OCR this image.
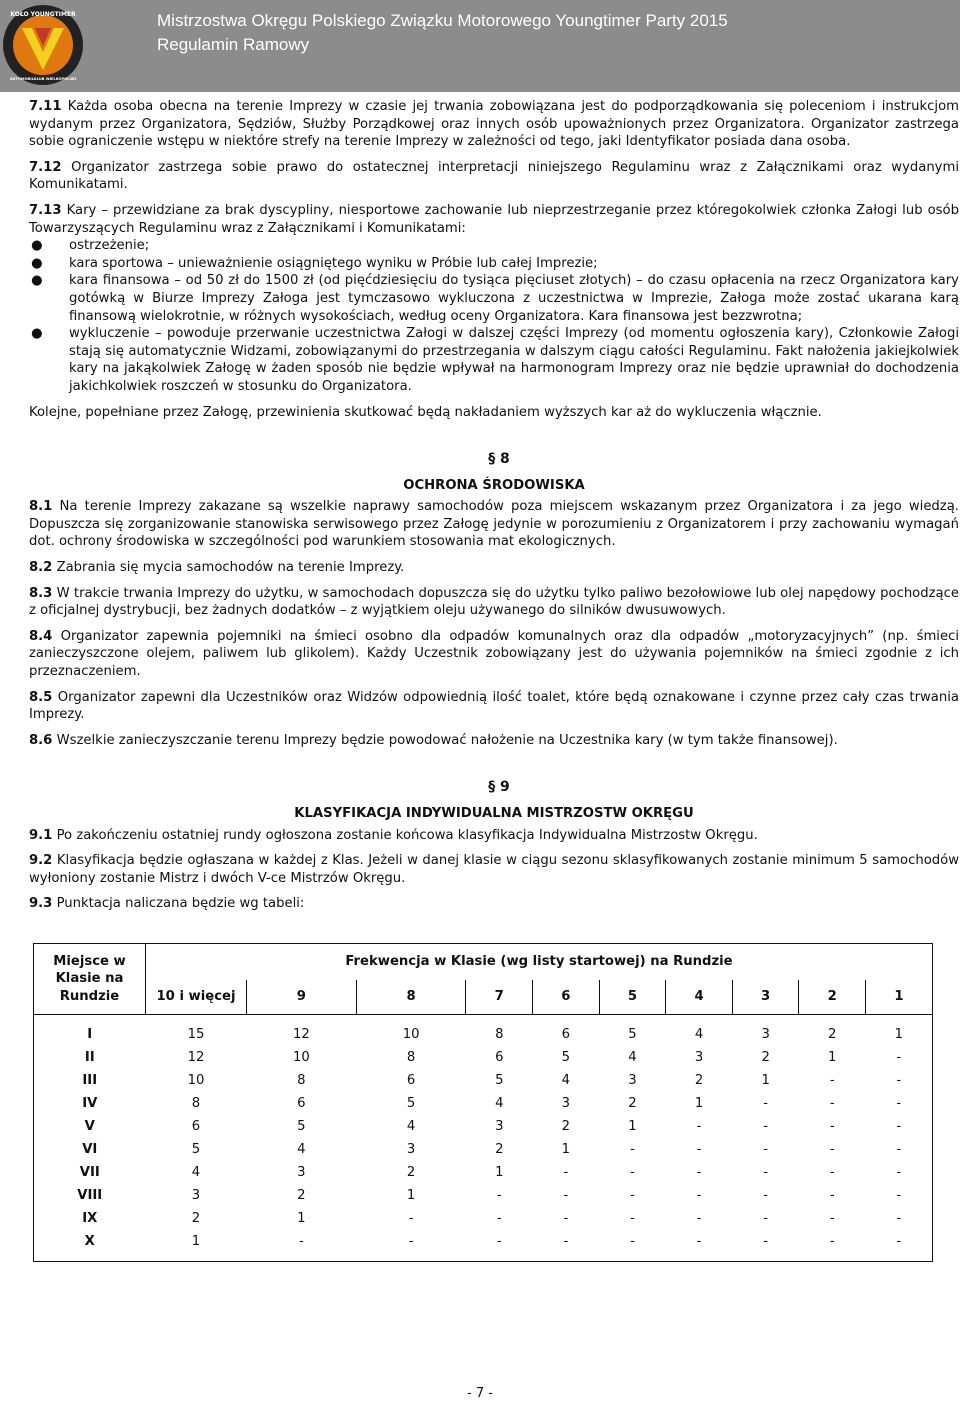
KOŁO YOUNGTIMER
AUTOMOBILKLUB WIELKOPOLSKI
Mistrzostwa Okręgu Polskiego Związku Motorowego Youngtimer Party 2015
Regulamin Ramowy

7.11 Każda osoba obecna na terenie Imprezy w czasie jej trwania zobowiązana jest do podporządkowania się poleceniom i instrukcjom wydanym przez Organizatora, Sędziów, Służby Porządkowej oraz innych osób upoważnionych przez Organizatora. Organizator zastrzega sobie ograniczenie wstępu w niektóre strefy na terenie Imprezy w zależności od tego, jaki Identyfikator posiada dana osoba.

7.12 Organizator zastrzega sobie prawo do ostatecznej interpretacji niniejszego Regulaminu wraz z Załącznikami oraz wydanymi Komunikatami.

7.13 Kary – przewidziane za brak dyscypliny, niesportowe zachowanie lub nieprzestrzeganie przez któregokolwiek członka Załogi lub osób Towarzyszących Regulaminu wraz z Załącznikami i Komunikatami:

● ostrzeżenie;
● kara sportowa – unieważnienie osiągniętego wyniku w Próbie lub całej Imprezie;
● kara finansowa – od 50 zł do 1500 zł (od pięćdziesięciu do tysiąca pięciuset złotych) – do czasu opłacenia na rzecz Organizatora kary gotówką w Biurze Imprezy Załoga jest tymczasowo wykluczona z uczestnictwa w Imprezie, Załoga może zostać ukarana karą finansową wielokrotnie, w różnych wysokościach, według oceny Organizatora. Kara finansowa jest bezzwrotna;
● wykluczenie – powoduje przerwanie uczestnictwa Załogi w dalszej części Imprezy (od momentu ogłoszenia kary), Członkowie Załogi stają się automatycznie Widzami, zobowiązanymi do przestrzegania w dalszym ciągu całości Regulaminu. Fakt nałożenia jakiejkolwiek kary na jakąkolwiek Załogę w żaden sposób nie będzie wpływał na harmonogram Imprezy oraz nie będzie uprawniał do dochodzenia jakichkolwiek roszczeń w stosunku do Organizatora.

Kolejne, popełniane przez Załogę, przewinienia skutkować będą nakładaniem wyższych kar aż do wykluczenia włącznie.

§ 8
OCHRONA ŚRODOWISKA

8.1 Na terenie Imprezy zakazane są wszelkie naprawy samochodów poza miejscem wskazanym przez Organizatora i za jego wiedzą. Dopuszcza się zorganizowanie stanowiska serwisowego przez Załogę jedynie w porozumieniu z Organizatorem i przy zachowaniu wymagań dot. ochrony środowiska w szczególności pod warunkiem stosowania mat ekologicznych.

8.2 Zabrania się mycia samochodów na terenie Imprezy.

8.3 W trakcie trwania Imprezy do użytku, w samochodach dopuszcza się do użytku tylko paliwo bezołowiowe lub olej napędowy pochodzące z oficjalnej dystrybucji, bez żadnych dodatków – z wyjątkiem oleju używanego do silników dwusuwowych.

8.4 Organizator zapewnia pojemniki na śmieci osobno dla odpadów komunalnych oraz dla odpadów „motoryzacyjnych” (np. śmieci zanieczyszczone olejem, paliwem lub glikolem). Każdy Uczestnik zobowiązany jest do używania pojemników na śmieci zgodnie z ich przeznaczeniem.

8.5 Organizator zapewni dla Uczestników oraz Widzów odpowiednią ilość toalet, które będą oznakowane i czynne przez cały czas trwania Imprezy.

8.6 Wszelkie zanieczyszczanie terenu Imprezy będzie powodować nałożenie na Uczestnika kary (w tym także finansowej).

§ 9
KLASYFIKACJA INDYWIDUALNA MISTRZOSTW OKRĘGU

9.1 Po zakończeniu ostatniej rundy ogłoszona zostanie końcowa klasyfikacja Indywidualna Mistrzostw Okręgu.

9.2 Klasyfikacja będzie ogłaszana w każdej z Klas. Jeżeli w danej klasie w ciągu sezonu sklasyfikowanych zostanie minimum 5 samochodów wyłoniony zostanie Mistrz i dwóch V-ce Mistrzów Okręgu.

9.3 Punktacja naliczana będzie wg tabeli:

Miejsce w Klasie na Rundzie	Frekwencja w Klasie (wg listy startowej) na Rundzie									
	10 i więcej	9	8	7	6	5	4	3	2	1

I	15	12	10	8	6	5	4	3	2	1
II	12	10	8	6	5	4	3	2	1	-
III	10	8	6	5	4	3	2	1	-	-
IV	8	6	5	4	3	2	1	-	-	-
V	6	5	4	3	2	1	-	-	-	-
VI	5	4	3	2	1	-	-	-	-	-
VII	4	3	2	1	-	-	-	-	-	-
VIII	3	2	1	-	-	-	-	-	-	-
IX	2	1	-	-	-	-	-	-	-	-
X	1	-	-	-	-	-	-	-	-	-

- 7 -
